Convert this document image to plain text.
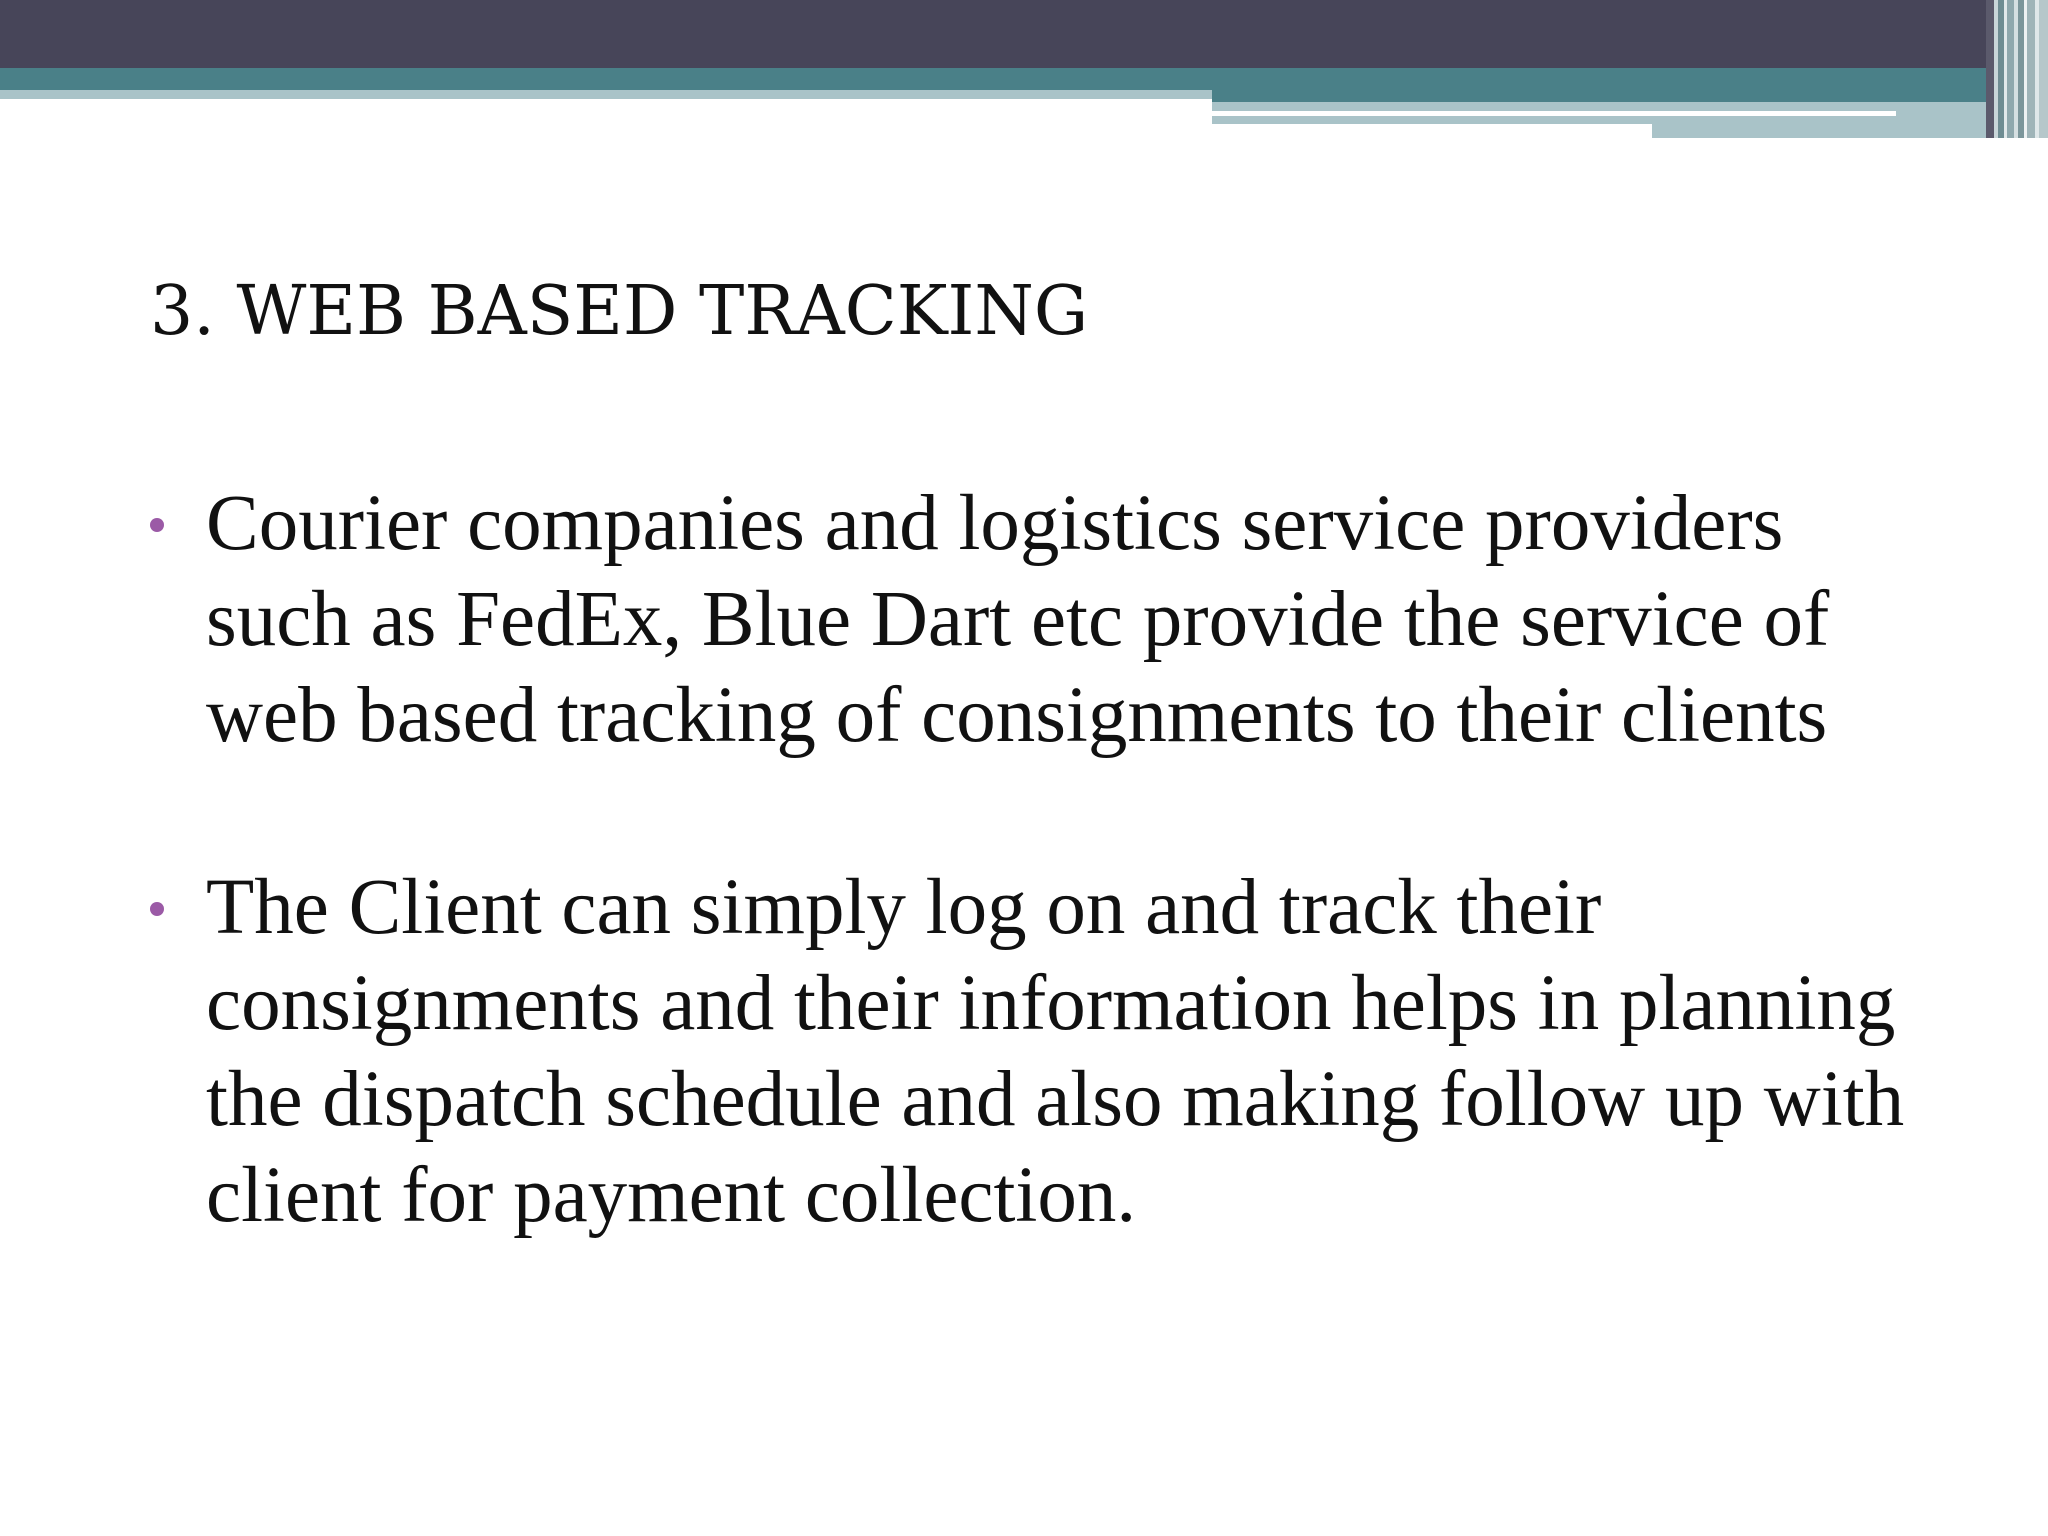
3. WEB BASED TRACKING
Courier companies and logistics service providers such as FedEx, Blue Dart etc provide the service of web based tracking of consignments to their clients
The Client can simply log on and track their consignments and their information helps in planning the dispatch schedule and also making follow up with client for payment collection.
